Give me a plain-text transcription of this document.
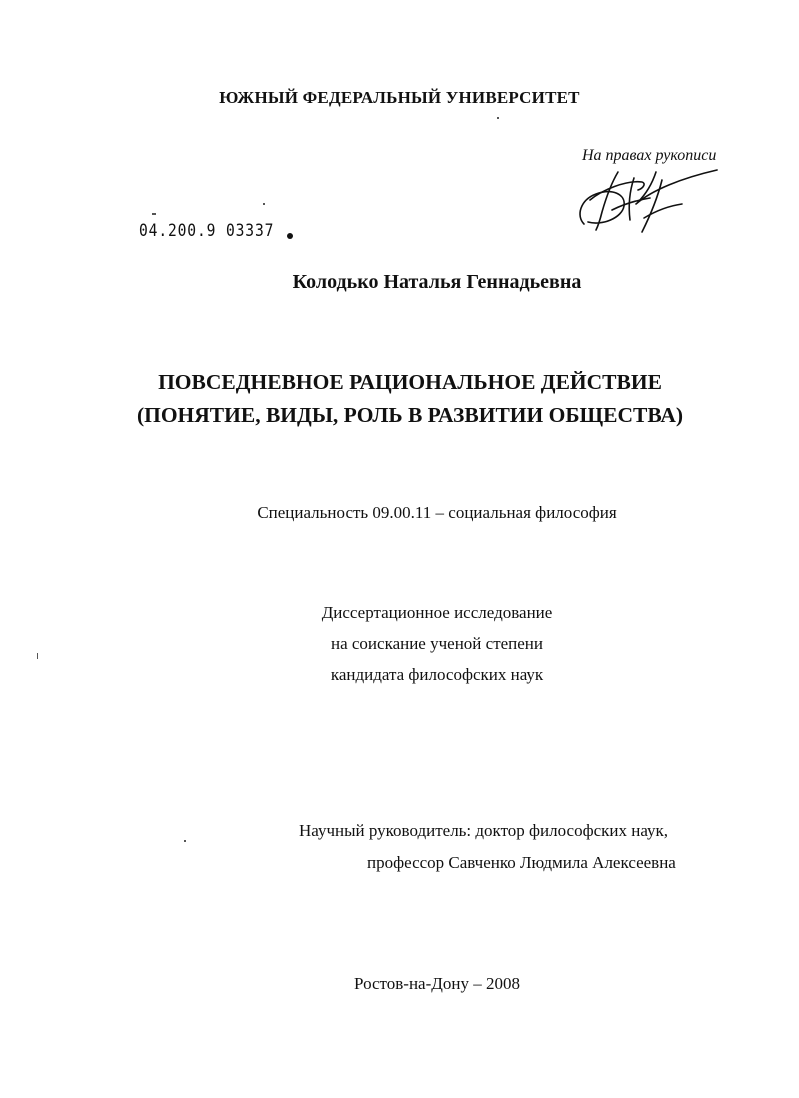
ЮЖНЫЙ ФЕДЕРАЛЬНЫЙ УНИВЕРСИТЕТ
На правах рукописи
04.200.9 03337
Колодько Наталья Геннадьевна
ПОВСЕДНЕВНОЕ РАЦИОНАЛЬНОЕ ДЕЙСТВИЕ
(ПОНЯТИЕ, ВИДЫ, РОЛЬ В РАЗВИТИИ ОБЩЕСТВА)
Специальность 09.00.11 – социальная философия
Диссертационное исследование
на соискание ученой степени
кандидата философских наук
Научный руководитель: доктор философских наук,
профессор Савченко Людмила Алексеевна
Ростов-на-Дону – 2008
